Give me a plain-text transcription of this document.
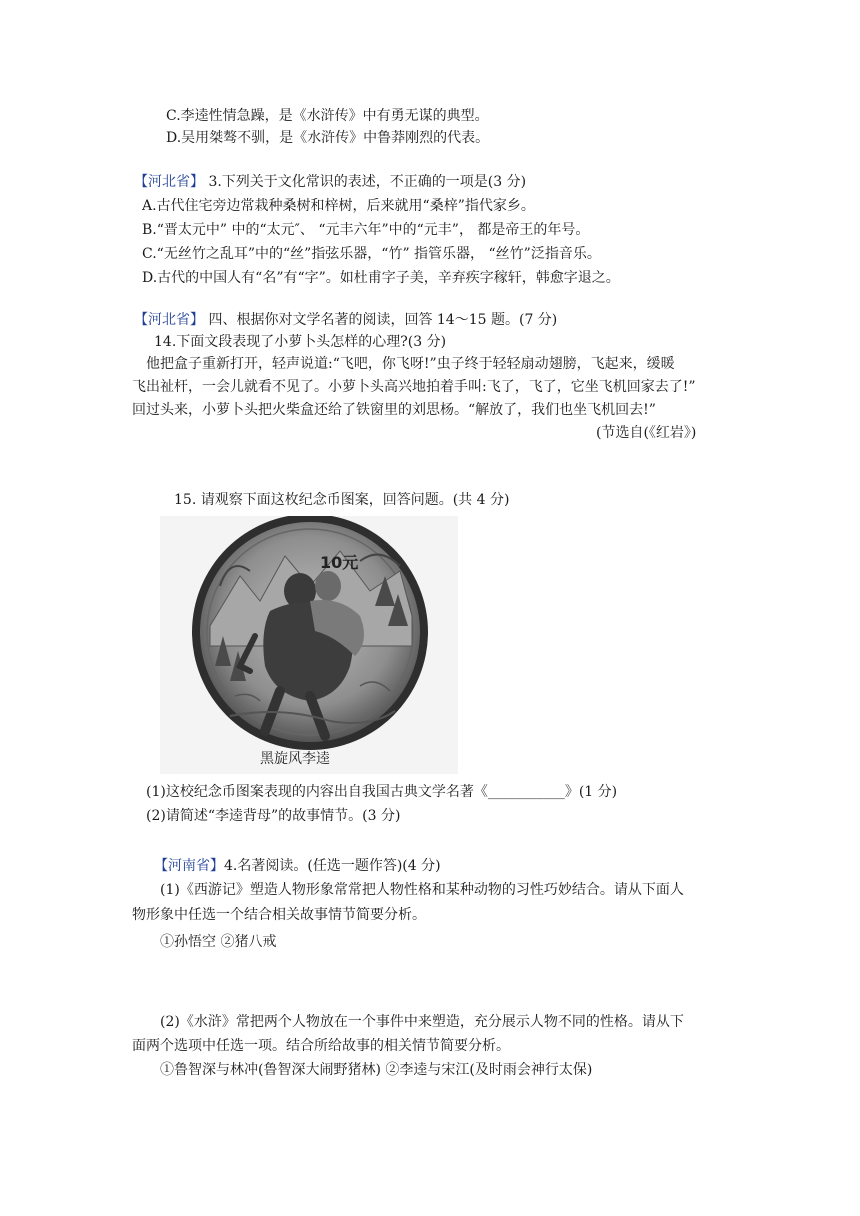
C.李逵性情急躁，是《水浒传》中有勇无谋的典型。
D.吴用桀骜不驯，是《水浒传》中鲁莽刚烈的代表。
【河北省】 3.下列关于文化常识的表述，不正确的一项是(3 分)
A.古代住宅旁边常栽种桑树和梓树，后来就用“桑梓”指代家乡。
B.“晋太元中” 中的“太元″、 “元丰六年”中的“元丰”， 都是帝王的年号。
C.“无丝竹之乱耳”中的“丝”指弦乐器，“竹” 指管乐器， “丝竹”泛指音乐。
D.古代的中国人有“名”有“字”。如杜甫字子美，辛弃疾字稼轩，韩愈字退之。
【河北省】 四、根据你对文学名著的阅读，回答 14～15 题。(7 分)
14.下面文段表现了小萝卜头怎样的心理?(3 分)
他把盒子重新打开，轻声说道:“飞吧，你飞呀!”虫子终于轻轻扇动翅膀，飞起来，缓暖
飞出祉杆，一会儿就看不见了。小萝卜头高兴地拍着手叫:飞了，飞了，它坐飞机回家去了!”
回过头来，小萝卜头把火柴盒还给了铁窗里的刘思杨。“解放了，我们也坐飞机回去!”
(节选自(《红岩》)
15. 请观察下面这枚纪念币图案，回答问题。(共 4 分)
10元
黑旋风李逵
(1)这校纪念币图案表现的内容出自我国古典文学名著《___________》(1 分)
(2)请简述“李逵背母”的故事情节。(3 分)
【河南省】4.名著阅读。(任选一题作答)(4 分)
(1)《西游记》塑造人物形象常常把人物性格和某种动物的习性巧妙结合。请从下面人
物形象中任选一个结合相关故事情节简要分析。
①孙悟空 ②猪八戒
(2)《水浒》常把两个人物放在一个事件中来塑造，充分展示人物不同的性格。请从下
面两个选项中任选一项。结合所给故事的相关情节简要分析。
①鲁智深与林冲(鲁智深大闹野猪林) ②李逵与宋江(及时雨会神行太保)
